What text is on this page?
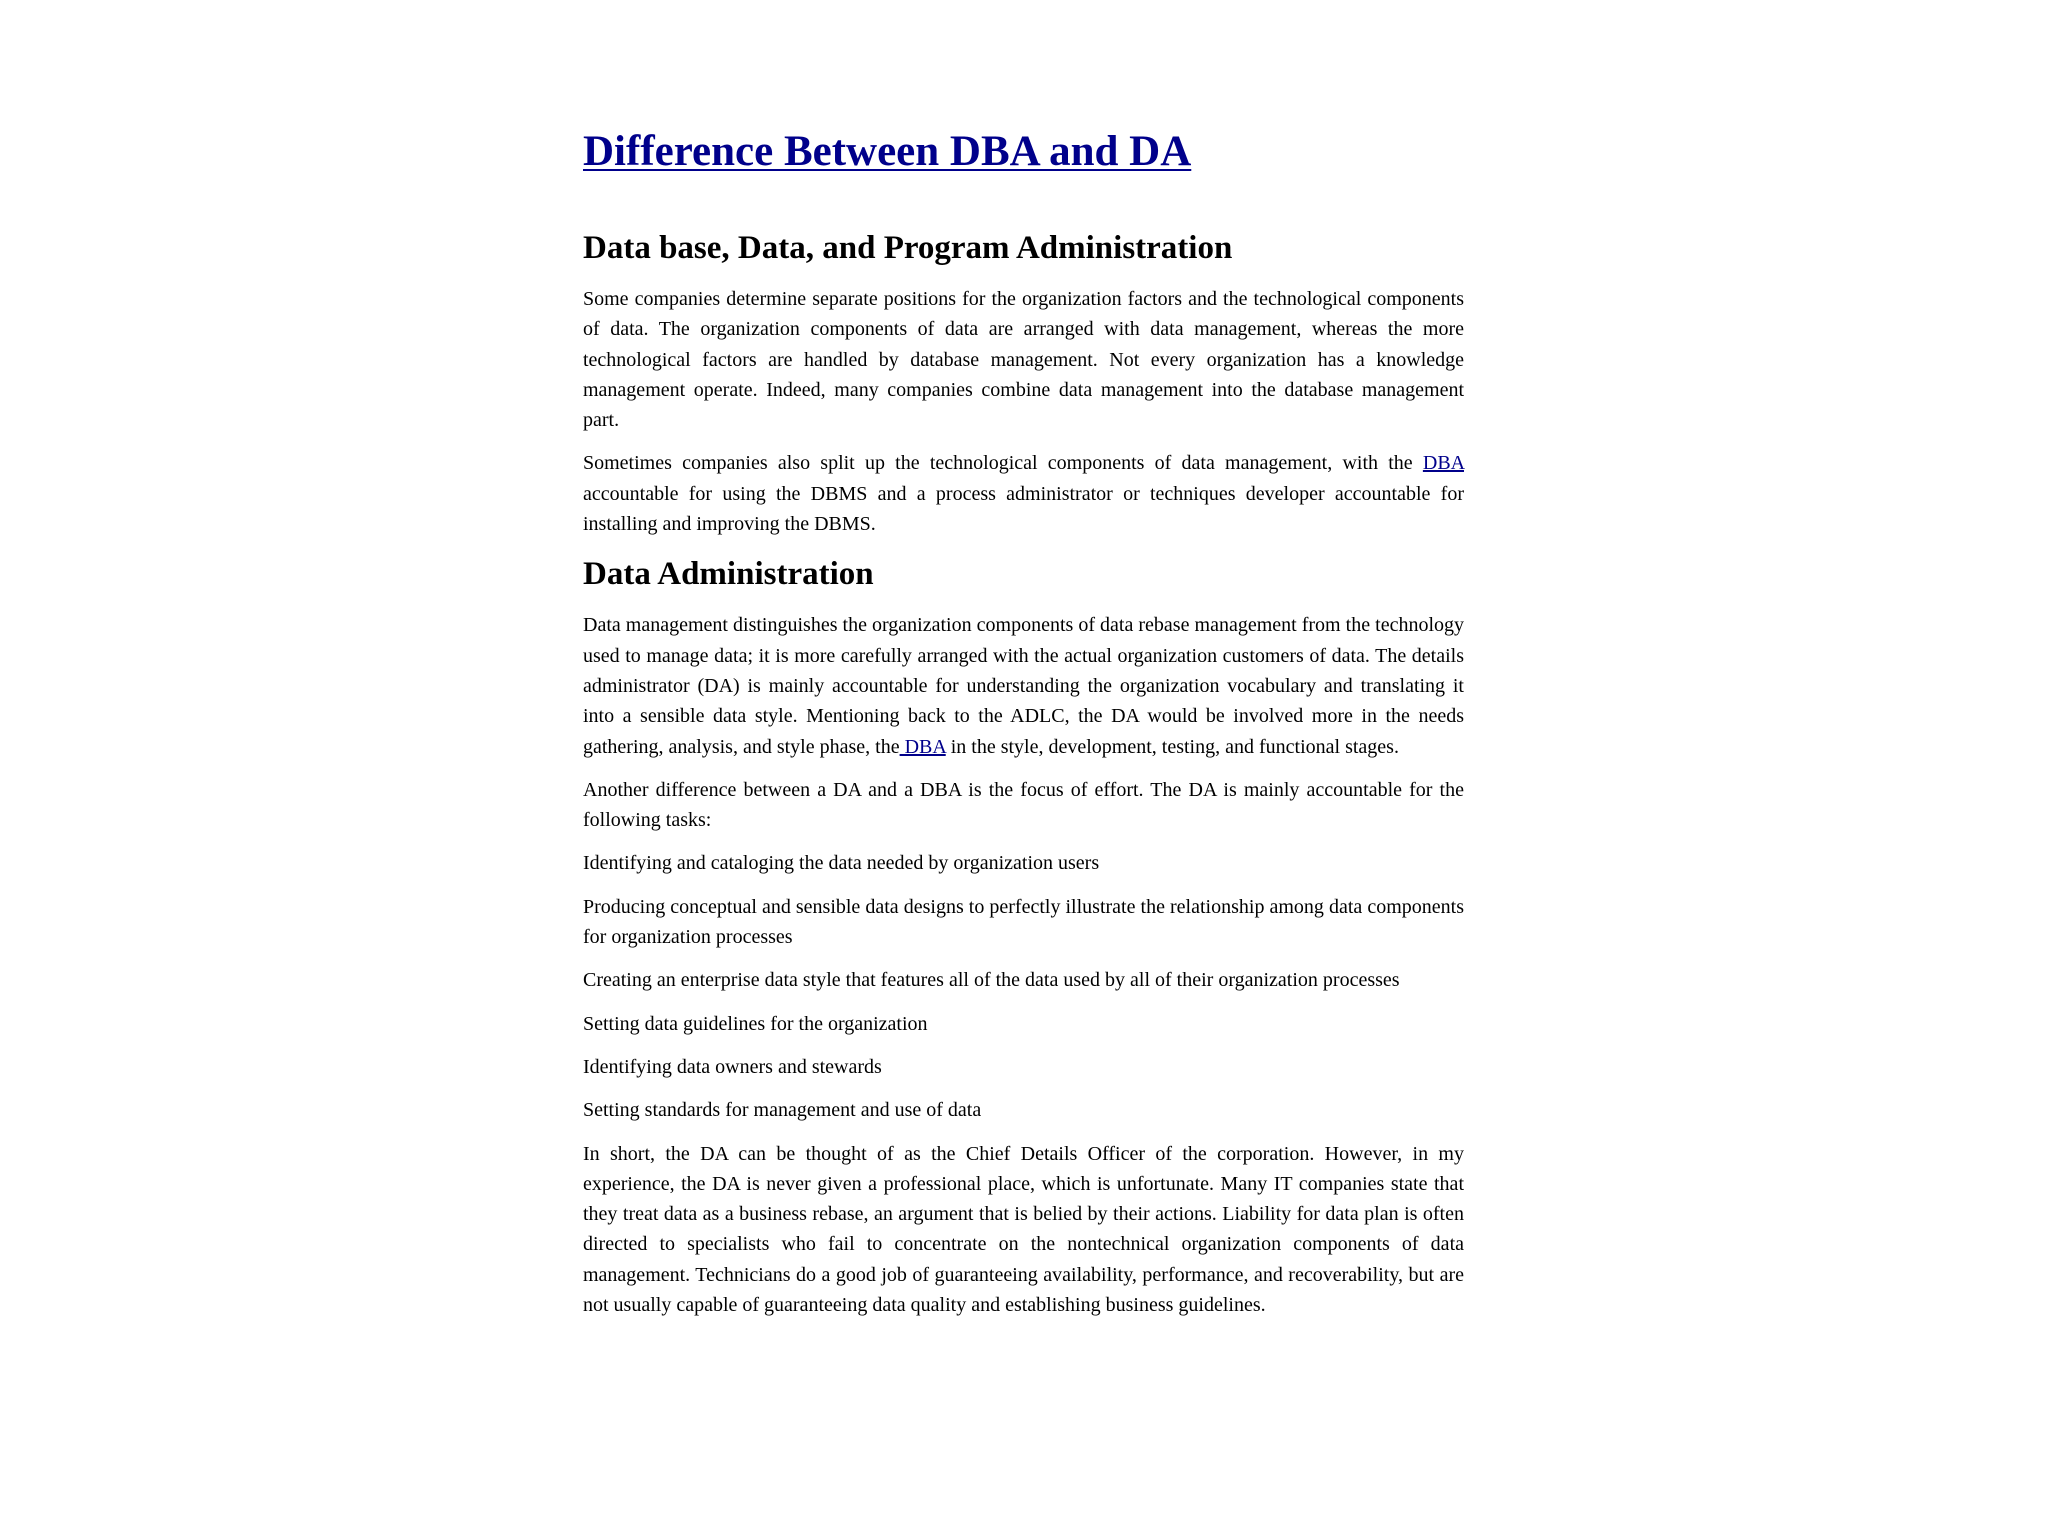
Difference Between DBA and DA
Data base, Data, and Program Administration

Some companies determine separate positions for the organization factors and the technological components of data. The organization components of data are arranged with data management, whereas the more technological factors are handled by database management. Not every organization has a knowledge management operate. Indeed, many companies combine data management into the database management part.

Sometimes companies also split up the technological components of data management, with the DBA accountable for using the DBMS and a process administrator or techniques developer accountable for installing and improving the DBMS.

Data Administration

Data management distinguishes the organization components of data rebase management from the technology used to manage data; it is more carefully arranged with the actual organization customers of data. The details administrator (DA) is mainly accountable for understanding the organization vocabulary and translating it into a sensible data style. Mentioning back to the ADLC, the DA would be involved more in the needs gathering, analysis, and style phase, the DBA in the style, development, testing, and functional stages.

Another difference between a DA and a DBA is the focus of effort. The DA is mainly accountable for the following tasks:

Identifying and cataloging the data needed by organization users

Producing conceptual and sensible data designs to perfectly illustrate the relationship among data components for organization processes

Creating an enterprise data style that features all of the data used by all of their organization processes

Setting data guidelines for the organization

Identifying data owners and stewards

Setting standards for management and use of data

In short, the DA can be thought of as the Chief Details Officer of the corporation. However, in my experience, the DA is never given a professional place, which is unfortunate. Many IT companies state that they treat data as a business rebase, an argument that is belied by their actions. Liability for data plan is often directed to specialists who fail to concentrate on the nontechnical organization components of data management. Technicians do a good job of guaranteeing availability, performance, and recoverability, but are not usually capable of guaranteeing data quality and establishing business guidelines.
